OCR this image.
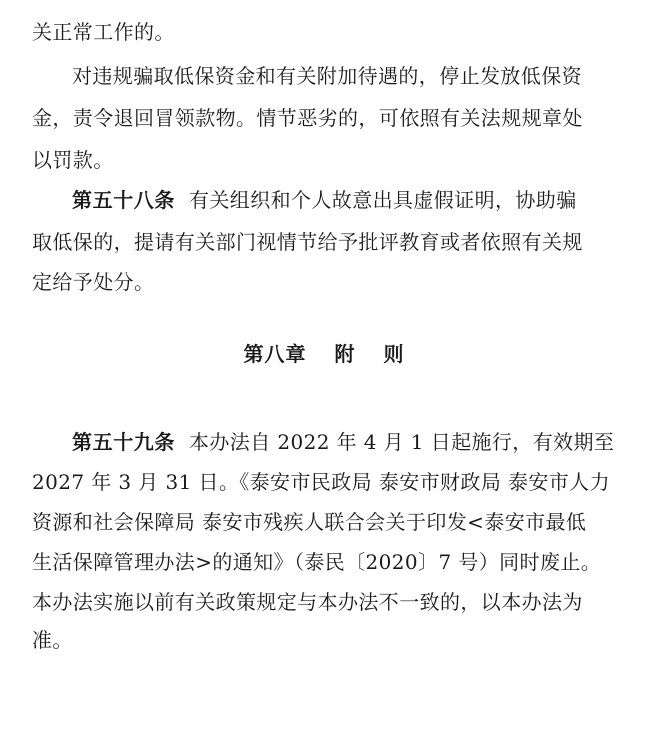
关正常工作的。
对违规骗取低保资金和有关附加待遇的，停止发放低保资
金，责令退回冒领款物。情节恶劣的，可依照有关法规规章处
以罚款。
第五十八条 有关组织和个人故意出具虚假证明，协助骗
取低保的，提请有关部门视情节给予批评教育或者依照有关规
定给予处分。
第八章 附 则
第五十九条 本办法自 2022 年 4 月 1 日起施行，有效期至
2027 年 3 月 31 日。《泰安市民政局 泰安市财政局 泰安市人力
资源和社会保障局 泰安市残疾人联合会关于印发<泰安市最低
生活保障管理办法>的通知》（泰民〔2020〕7 号）同时废止。
本办法实施以前有关政策规定与本办法不一致的，以本办法为
准。
